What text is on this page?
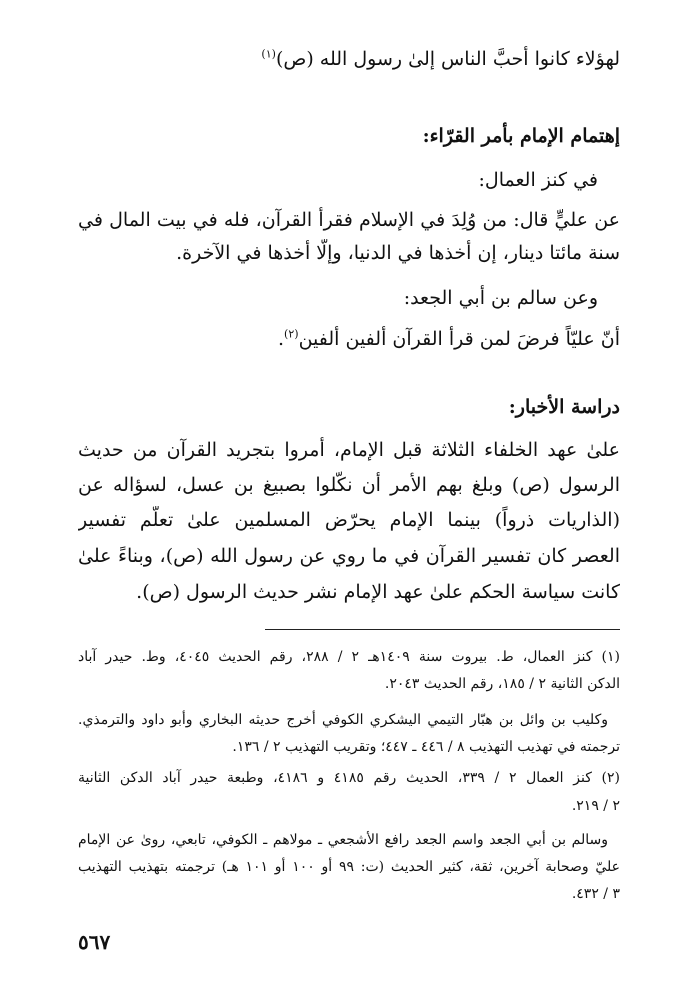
لهؤلاء كانوا أحبَّ الناس إلىٰ رسول الله (ص)$^{(١)}$
إهتمام الإمام بأمر القرّاء:
في كنز العمال:
عن عليٍّ قال: من وُلِدَ في الإسلام فقرأ القرآن، فله في بيت المال في
سنة مائتا دينار، إن أخذها في الدنيا، وإلّا أخذها في الآخرة.
وعن سالم بن أبي الجعد:
أنّ عليّاً فرضَ لمن قرأ القرآن ألفين ألفين$^{(٢)}$.
دراسة الأخبار:
علىٰ عهد الخلفاء الثلاثة قبل الإمام، أمروا بتجريد القرآن من حديث
الرسول (ص) وبلغ بهم الأمر أن نكّلوا بصبيغ بن عسل، لسؤاله عن
(الذاريات ذرواً) بينما الإمام يحرّض المسلمين علىٰ تعلّم تفسير
العصر كان تفسير القرآن في ما روي عن رسول الله (ص)، وبناءً علىٰ
كانت سياسة الحكم علىٰ عهد الإمام نشر حديث الرسول (ص).
(١) كنز العمال، ط. بيروت سنة ١٤٠٩هـ ٢ / ٢٨٨، رقم الحديث ٤٠٤٥، وط. حيدر آباد
الدكن الثانية ٢ / ١٨٥، رقم الحديث ٢٠٤٣.
وكليب بن وائل بن هبّار التيمي اليشكري الكوفي أخرج حديثه البخاري وأبو داود والترمذي.
ترجمته في تهذيب التهذيب ٨ / ٤٤٦ ـ ٤٤٧؛ وتقريب التهذيب ٢ / ١٣٦.
(٢) كنز العمال ٢ / ٣٣٩، الحديث رقم ٤١٨٥ و ٤١٨٦، وطبعة حيدر آباد الدكن الثانية
٢ / ٢١٩.
وسالم بن أبي الجعد واسم الجعد رافع الأشجعي ـ مولاهم ـ الكوفي، تابعي، روىٰ عن الإمام
عليّ وصحابة آخرين، ثقة، كثير الحديث (ت: ٩٩ أو ١٠٠ أو ١٠١ هـ) ترجمته بتهذيب التهذيب
٣ / ٤٣٢.
٥٦٧
